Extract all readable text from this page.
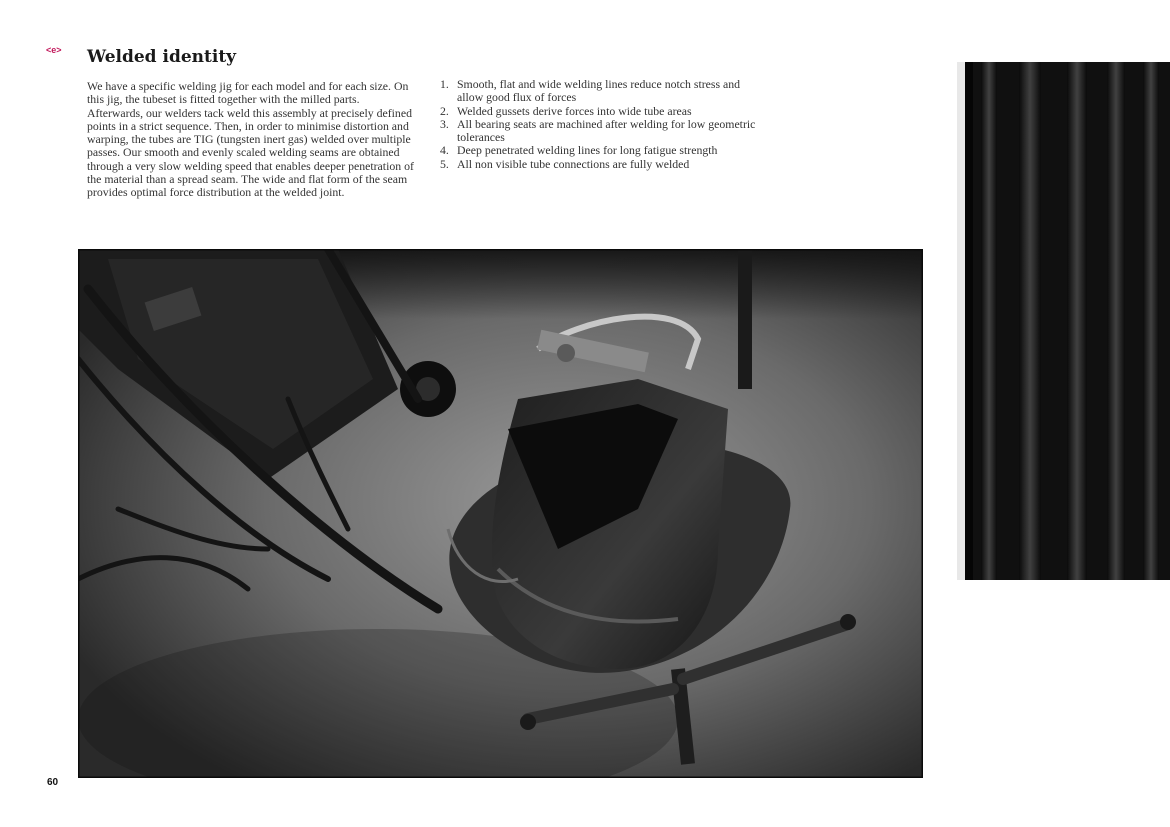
<e> Welded identity

We have a specific welding jig for each model and for each size. On this jig, the tubeset is fitted together with the milled parts. Afterwards, our welders tack weld this assembly at precisely defined points in a strict sequence. Then, in order to minimise distortion and warping, the tubes are TIG (tungsten inert gas) welded over multiple passes. Our smooth and evenly scaled welding seams are obtained through a very slow welding speed that enables deeper penetration of the material than a spread seam. The wide and flat form of the seam provides optimal force distribution at the welded joint.

1. Smooth, flat and wide welding lines reduce notch stress and allow good flux of forces
2. Welded gussets derive forces into wide tube areas
3. All bearing seats are machined after welding for low geometric tolerances
4. Deep penetrated welding lines for long fatigue strength
5. All non visible tube connections are fully welded
60
